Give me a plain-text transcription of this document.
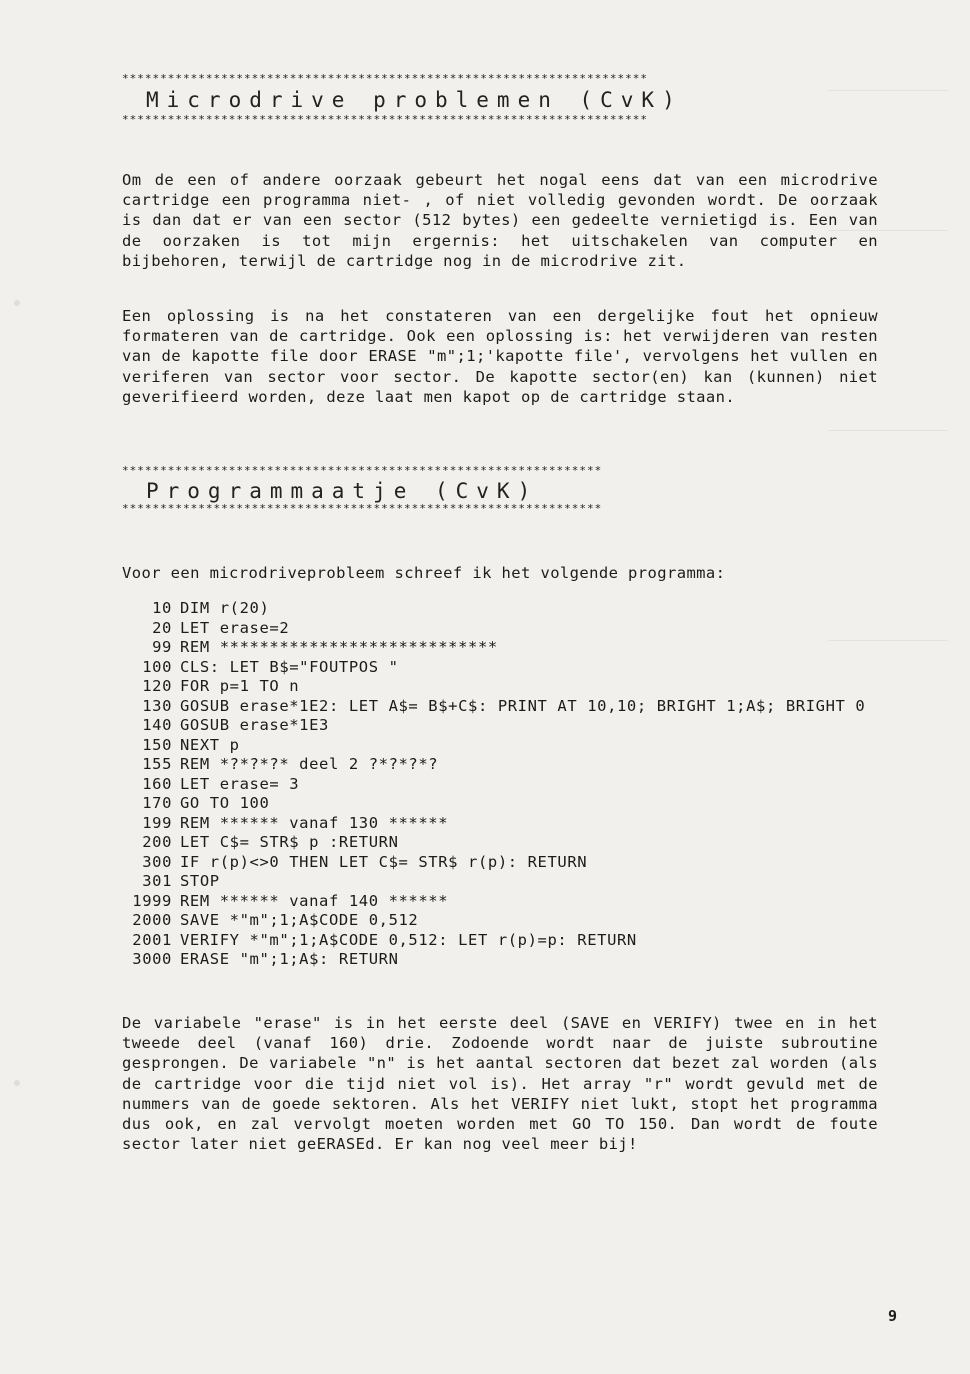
*********************************************************************
Microdrive problemen (CvK)
*********************************************************************
Om de een of andere oorzaak gebeurt het nogal eens dat van een microdrive cartridge een programma niet- , of niet volledig gevonden wordt. De oorzaak is dan dat er van een sector (512 bytes) een gedeelte vernietigd is. Een van de oorzaken is tot mijn ergernis: het uitschakelen van computer en bijbehoren, terwijl de cartridge nog in de microdrive zit.
Een oplossing is na het constateren van een dergelijke fout het opnieuw formateren van de cartridge. Ook een oplossing is: het verwijderen van resten van de kapotte file door ERASE "m";1;'kapotte file', vervolgens het vullen en veriferen van sector voor sector. De kapotte sector(en) kan (kunnen) niet geverifieerd worden, deze laat men kapot op de cartridge staan.
***************************************************************
Programmaatje (CvK)
***************************************************************
Voor een microdriveprobleem schreef ik het volgende programma:
10 DIM r(20)
20 LET erase=2
99 REM ****************************
100 CLS: LET B$="FOUTPOS "
120 FOR p=1 TO n
130 GOSUB erase*1E2: LET A$= B$+C$: PRINT AT 10,10; BRIGHT 1;A$; BRIGHT 0
140 GOSUB erase*1E3
150 NEXT p
155 REM *?*?*?* deel 2 ?*?*?*?
160 LET erase= 3
170 GO TO 100
199 REM ****** vanaf 130 ******
200 LET C$= STR$ p :RETURN
300 IF r(p)<>0 THEN LET C$= STR$ r(p): RETURN
301 STOP
1999 REM ****** vanaf 140 ******
2000 SAVE *"m";1;A$CODE 0,512
2001 VERIFY *"m";1;A$CODE 0,512: LET r(p)=p: RETURN
3000 ERASE "m";1;A$: RETURN
De variabele "erase" is in het eerste deel (SAVE en VERIFY) twee en in het tweede deel (vanaf 160) drie. Zodoende wordt naar de juiste subroutine gesprongen. De variabele "n" is het aantal sectoren dat bezet zal worden (als de cartridge voor die tijd niet vol is). Het array "r" wordt gevuld met de nummers van de goede sektoren. Als het VERIFY niet lukt, stopt het programma dus ook, en zal vervolgt moeten worden met GO TO 150. Dan wordt de foute sector later niet geERASEd. Er kan nog veel meer bij!
9
